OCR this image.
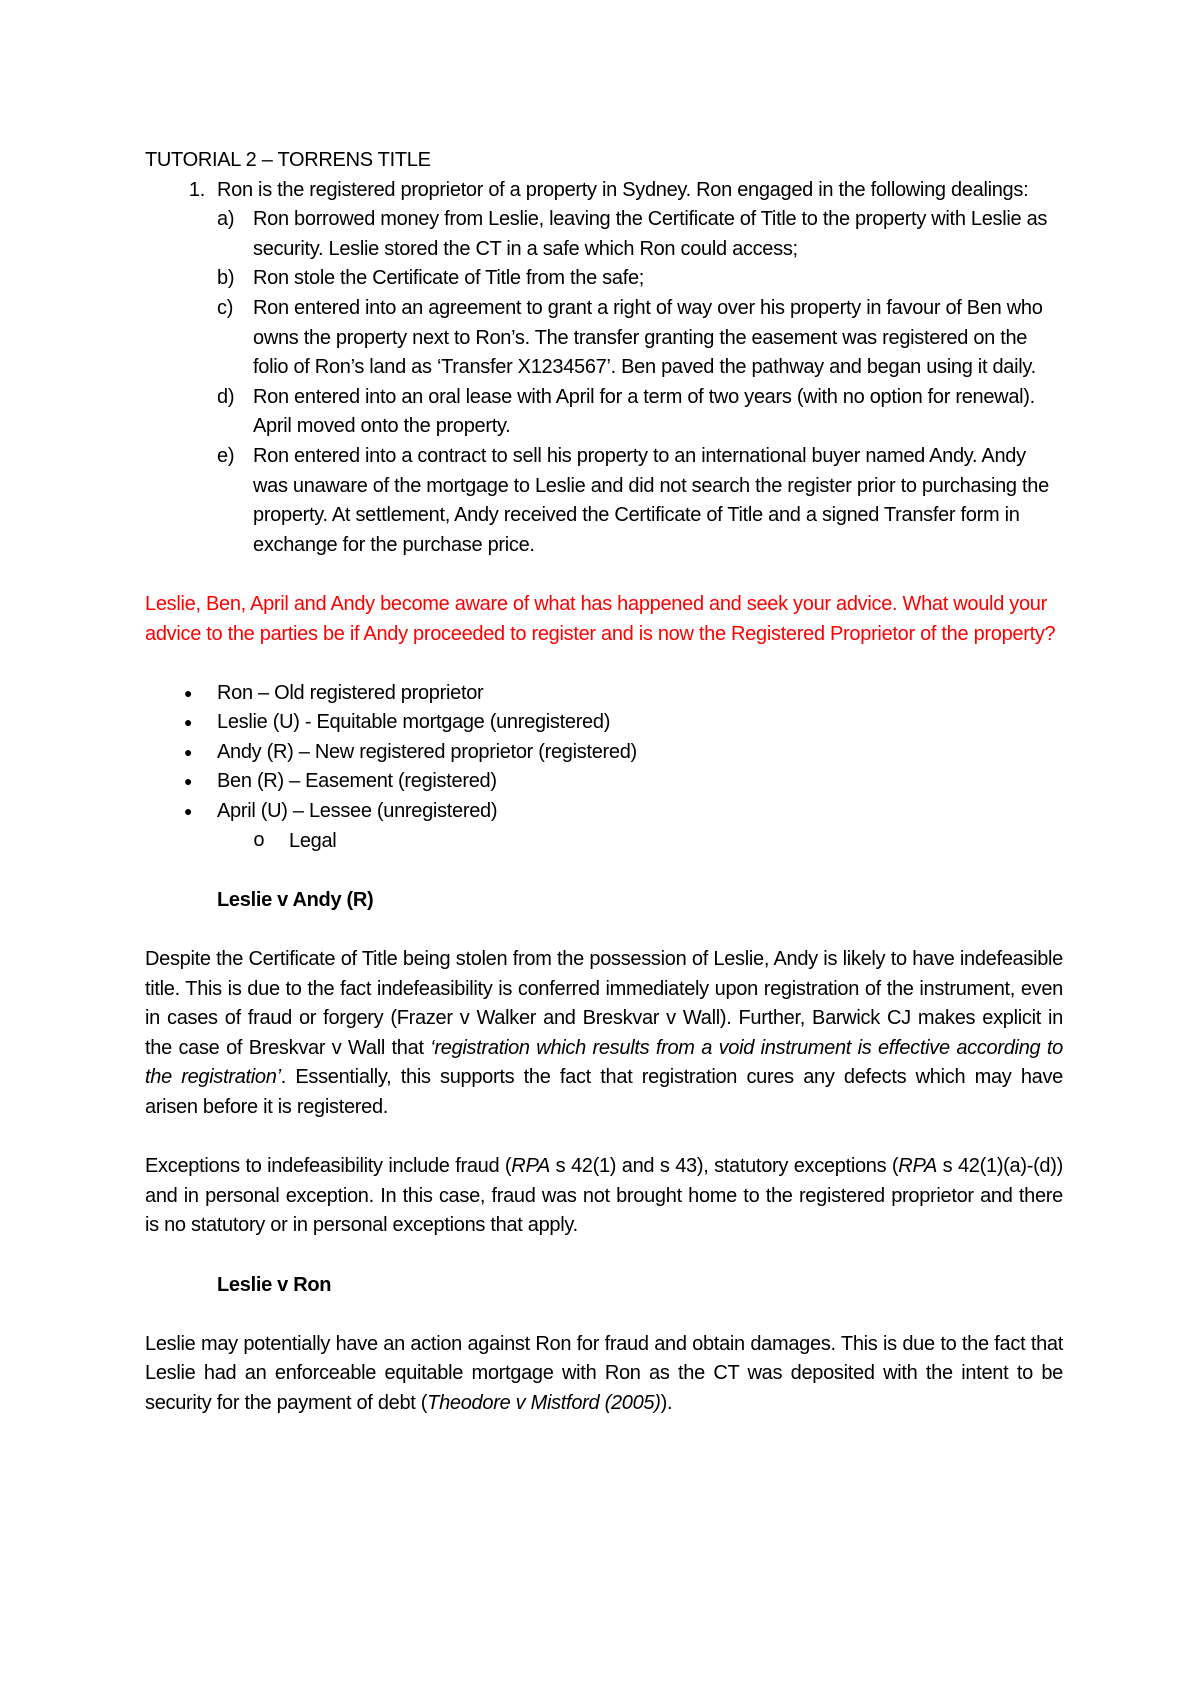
TUTORIAL 2 – TORRENS TITLE
1. Ron is the registered proprietor of a property in Sydney. Ron engaged in the following dealings:
a) Ron borrowed money from Leslie, leaving the Certificate of Title to the property with Leslie as security. Leslie stored the CT in a safe which Ron could access;
b) Ron stole the Certificate of Title from the safe;
c) Ron entered into an agreement to grant a right of way over his property in favour of Ben who owns the property next to Ron’s. The transfer granting the easement was registered on the folio of Ron’s land as ‘Transfer X1234567’. Ben paved the pathway and began using it daily.
d) Ron entered into an oral lease with April for a term of two years (with no option for renewal). April moved onto the property.
e) Ron entered into a contract to sell his property to an international buyer named Andy. Andy was unaware of the mortgage to Leslie and did not search the register prior to purchasing the property. At settlement, Andy received the Certificate of Title and a signed Transfer form in exchange for the purchase price.

Leslie, Ben, April and Andy become aware of what has happened and seek your advice. What would your advice to the parties be if Andy proceeded to register and is now the Registered Proprietor of the property?

● Ron – Old registered proprietor
● Leslie (U) - Equitable mortgage (unregistered)
● Andy (R) – New registered proprietor (registered)
● Ben (R) – Easement (registered)
● April (U) – Lessee (unregistered)
o Legal
Leslie v Andy (R)

Despite the Certificate of Title being stolen from the possession of Leslie, Andy is likely to have indefeasible title. This is due to the fact indefeasibility is conferred immediately upon registration of the instrument, even in cases of fraud or forgery (Frazer v Walker and Breskvar v Wall). Further, Barwick CJ makes explicit in the case of Breskvar v Wall that ‘registration which results from a void instrument is effective according to the registration’. Essentially, this supports the fact that registration cures any defects which may have arisen before it is registered.

Exceptions to indefeasibility include fraud (RPA s 42(1) and s 43), statutory exceptions (RPA s 42(1)(a)-(d)) and in personal exception. In this case, fraud was not brought home to the registered proprietor and there is no statutory or in personal exceptions that apply.

Leslie v Ron

Leslie may potentially have an action against Ron for fraud and obtain damages. This is due to the fact that Leslie had an enforceable equitable mortgage with Ron as the CT was deposited with the intent to be security for the payment of debt (Theodore v Mistford (2005)).
